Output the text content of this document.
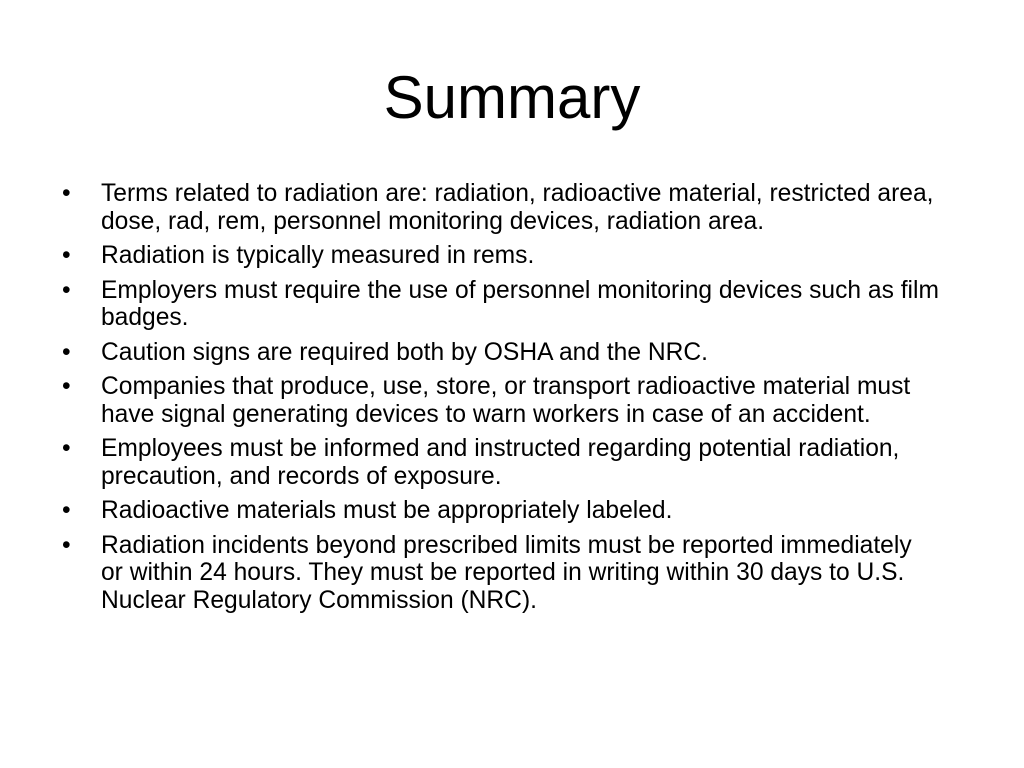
Summary
•	Terms related to radiation are: radiation, radioactive material, restricted area, dose, rad, rem, personnel monitoring devices, radiation area.
•	Radiation is typically measured in rems.
•	Employers must require the use of personnel monitoring devices such as film badges.
•	Caution signs are required both by OSHA and the NRC.
•	Companies that produce, use, store, or transport radioactive material must have signal generating devices to warn workers in case of an accident.
•	Employees must be informed and instructed regarding potential radiation, precaution, and records of exposure.
•	Radioactive materials must be appropriately labeled.
•	Radiation incidents beyond prescribed limits must be reported immediately or within 24 hours. They must be reported in writing within 30 days to U.S. Nuclear Regulatory Commission (NRC).
